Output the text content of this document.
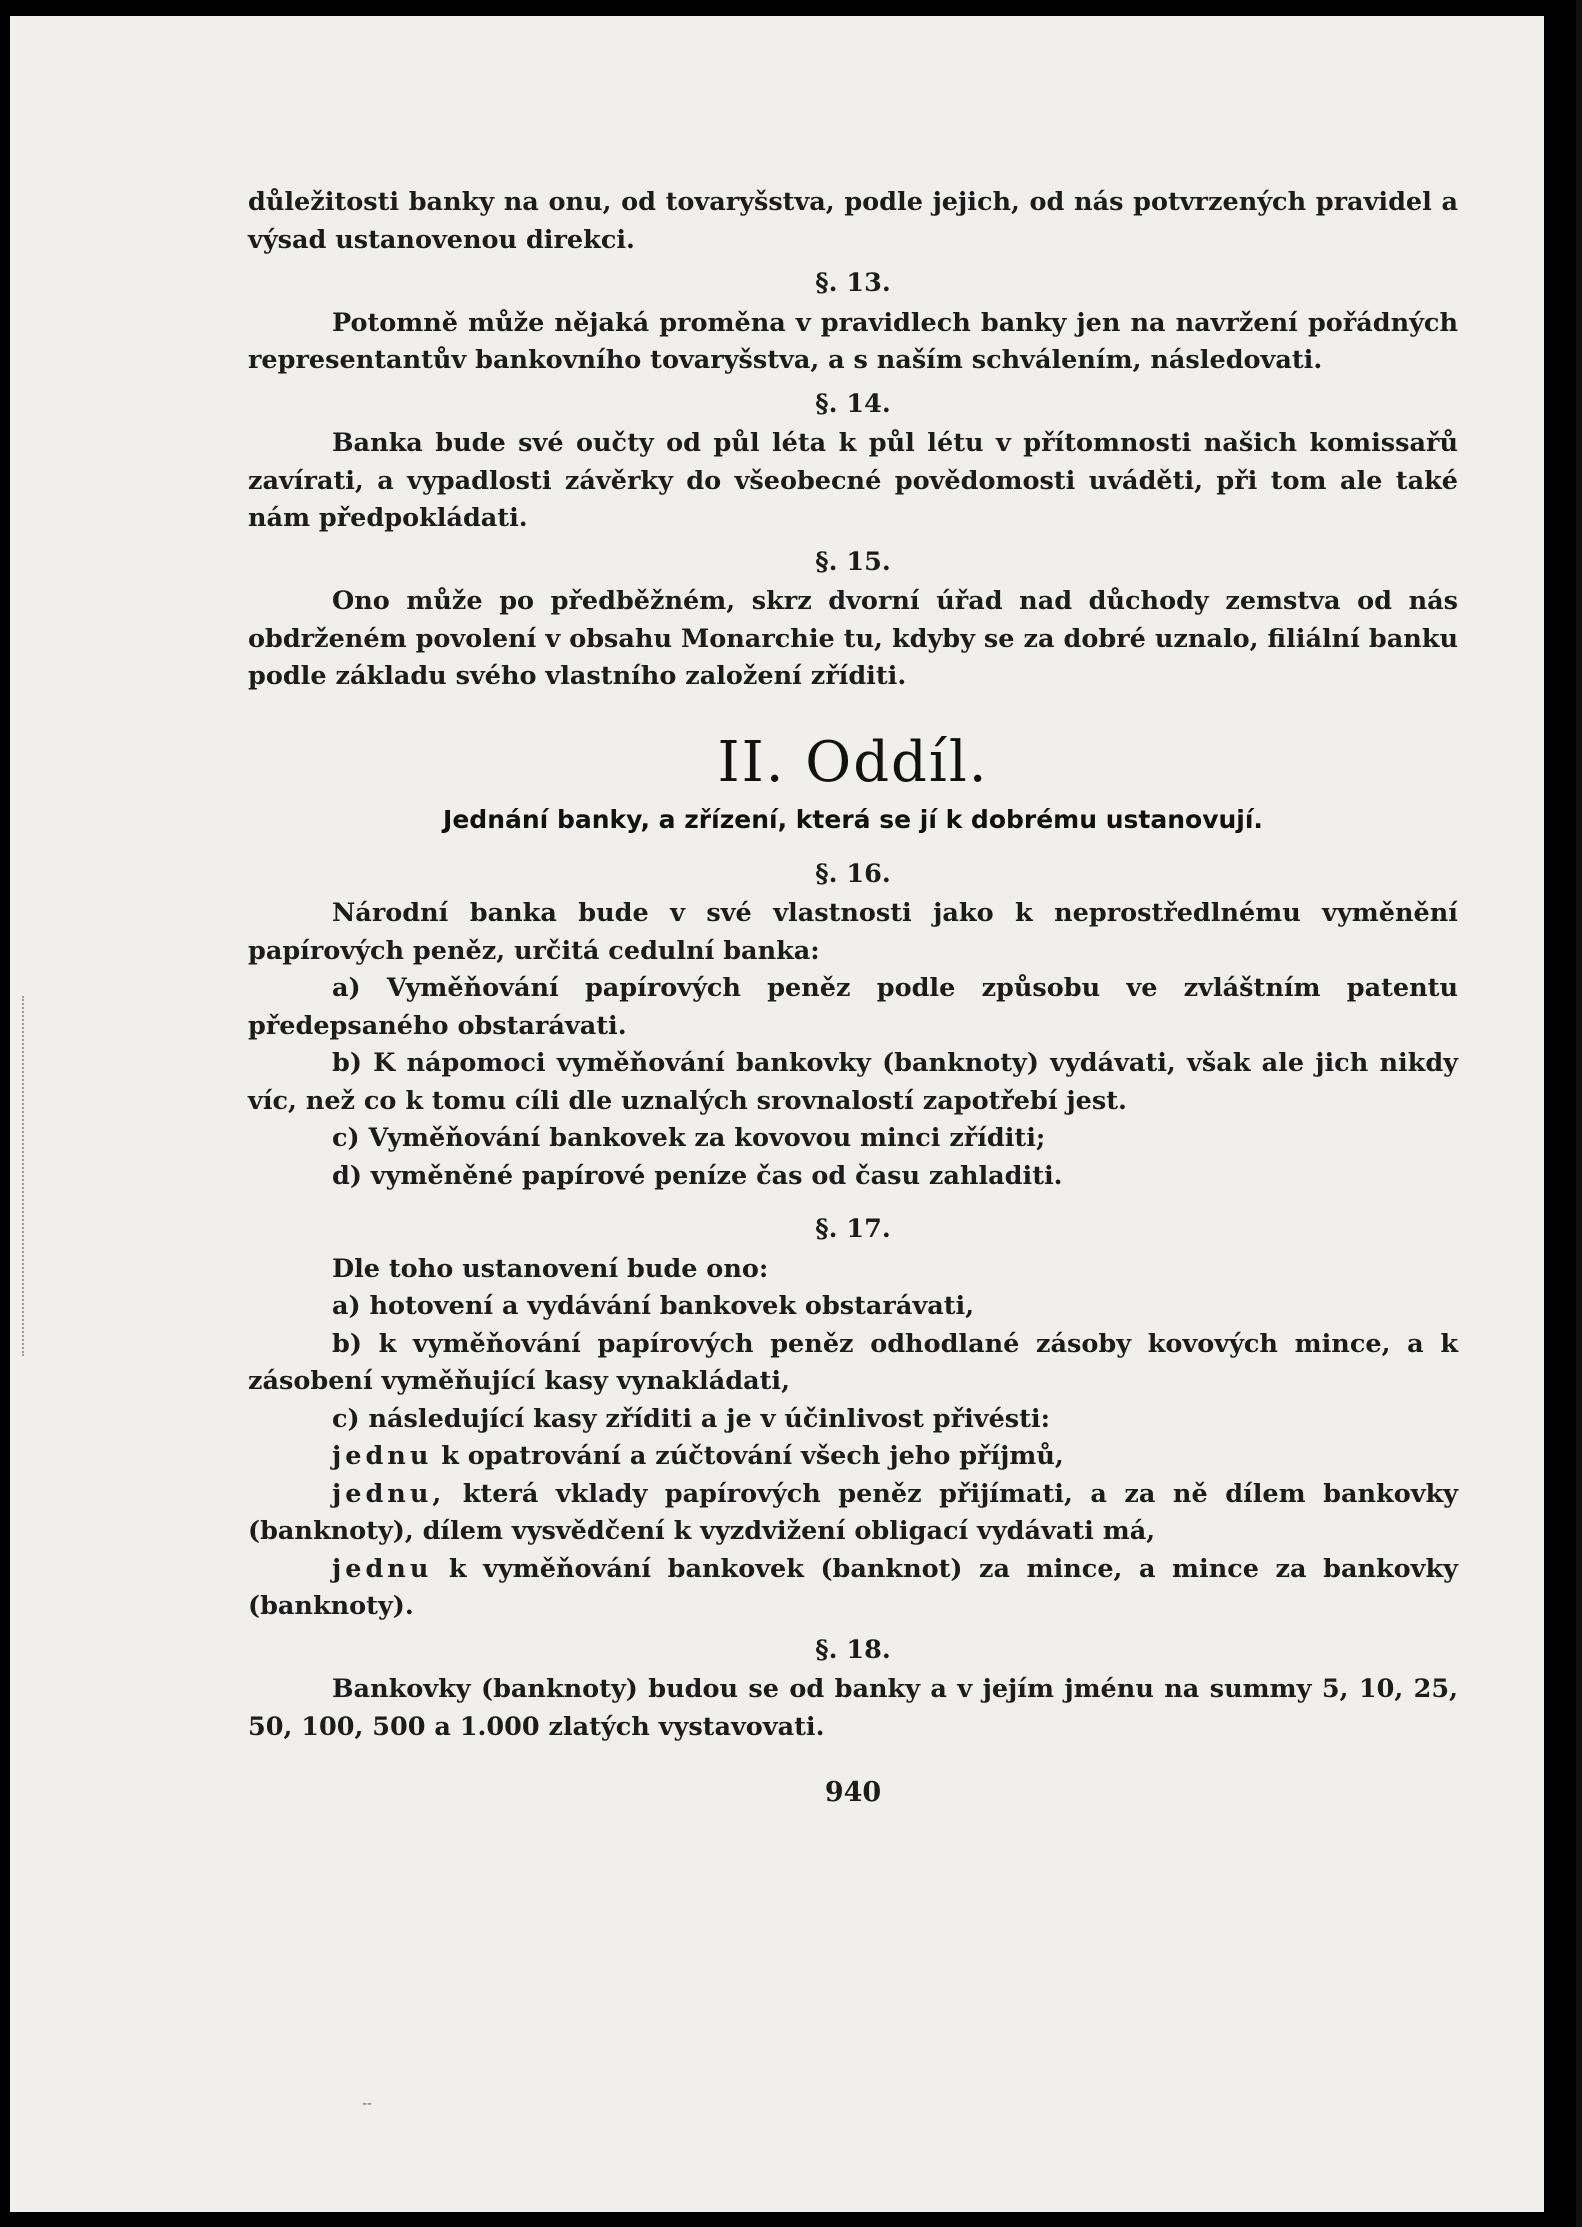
důležitosti banky na onu, od tovaryšstva, podle jejich, od nás potvrzených pravidel a výsad ustanovenou direkci.

§. 13.

Potomně může nějaká proměna v pravidlech banky jen na navržení pořádných representantův bankovního tovaryšstva, a s naším schválením, následovati.

§. 14.

Banka bude své oučty od půl léta k půl létu v přítomnosti našich komissařů zavírati, a vypadlosti závěrky do všeobecné povědomosti uváděti, při tom ale také nám předpokládati.

§. 15.

Ono může po předběžném, skrz dvorní úřad nad důchody zemstva od nás obdrženém povolení v obsahu Monarchie tu, kdyby se za dobré uznalo, filiální banku podle základu svého vlastního založení zříditi.

II. Oddíl.
Jednání banky, a zřízení, která se jí k dobrému ustanovují.
§. 16.

Národní banka bude v své vlastnosti jako k neprostředlnému vyměnění papírových peněz, určitá cedulní banka:

a) Vyměňování papírových peněz podle způsobu ve zvláštním patentu předepsaného obstarávati.

b) K nápomoci vyměňování bankovky (banknoty) vydávati, však ale jich nikdy víc, než co k tomu cíli dle uznalých srovnalostí zapotřebí jest.

c) Vyměňování bankovek za kovovou minci zříditi;

d) vyměněné papírové peníze čas od času zahladiti.

§. 17.

Dle toho ustanovení bude ono:

a) hotovení a vydávání bankovek obstarávati,

b) k vyměňování papírových peněz odhodlané zásoby kovových mince, a k zásobení vyměňující kasy vynakládati,

c) následující kasy zříditi a je v účinlivost přivésti:

jednu k opatrování a zúčtování všech jeho příjmů,

jednu, která vklady papírových peněz přijímati, a za ně dílem bankovky (banknoty), dílem vysvědčení k vyzdvižení obligací vydávati má,

jednu k vyměňování bankovek (banknot) za mince, a mince za bankovky (banknoty).

§. 18.

Bankovky (banknoty) budou se od banky a v jejím jménu na summy 5, 10, 25, 50, 100, 500 a 1.000 zlatých vystavovati.

940
--
